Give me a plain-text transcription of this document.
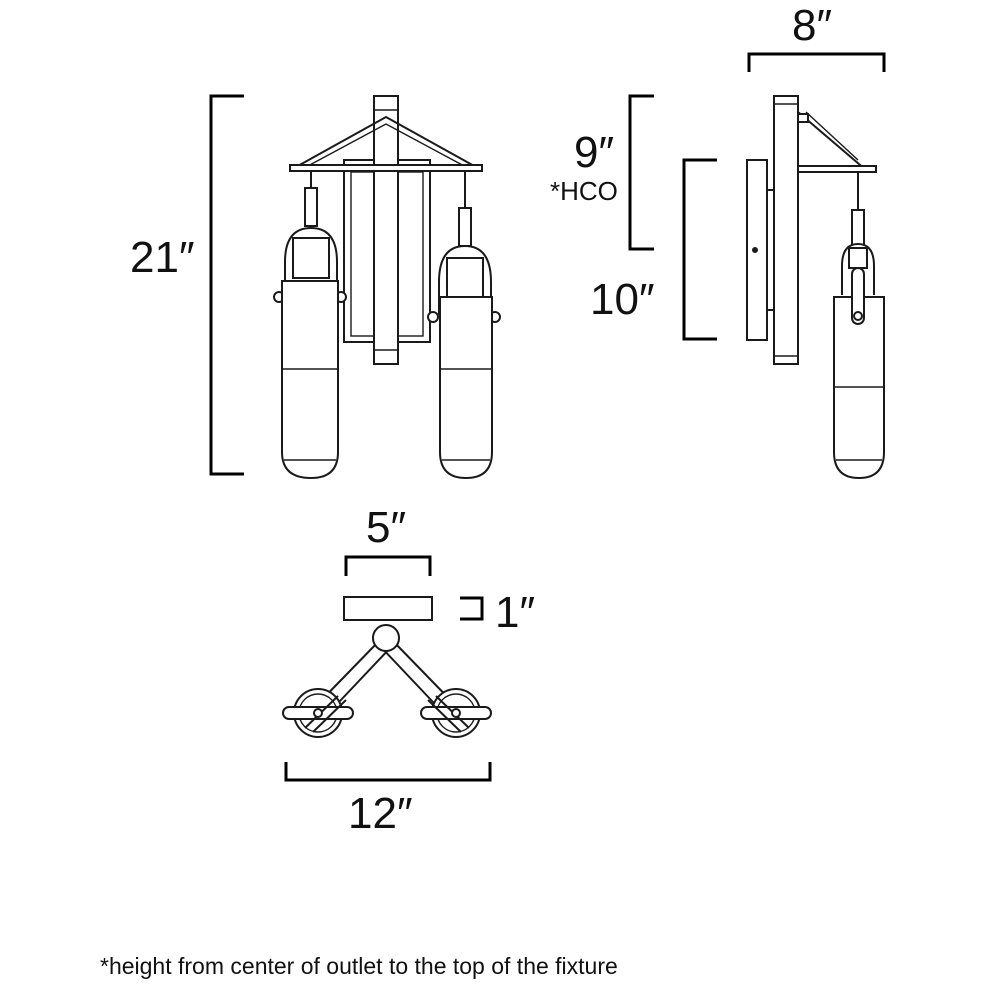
21″
8″
9″
*HCO
10″
5″
1″
12″

*height from center of outlet to the top of the fixture
